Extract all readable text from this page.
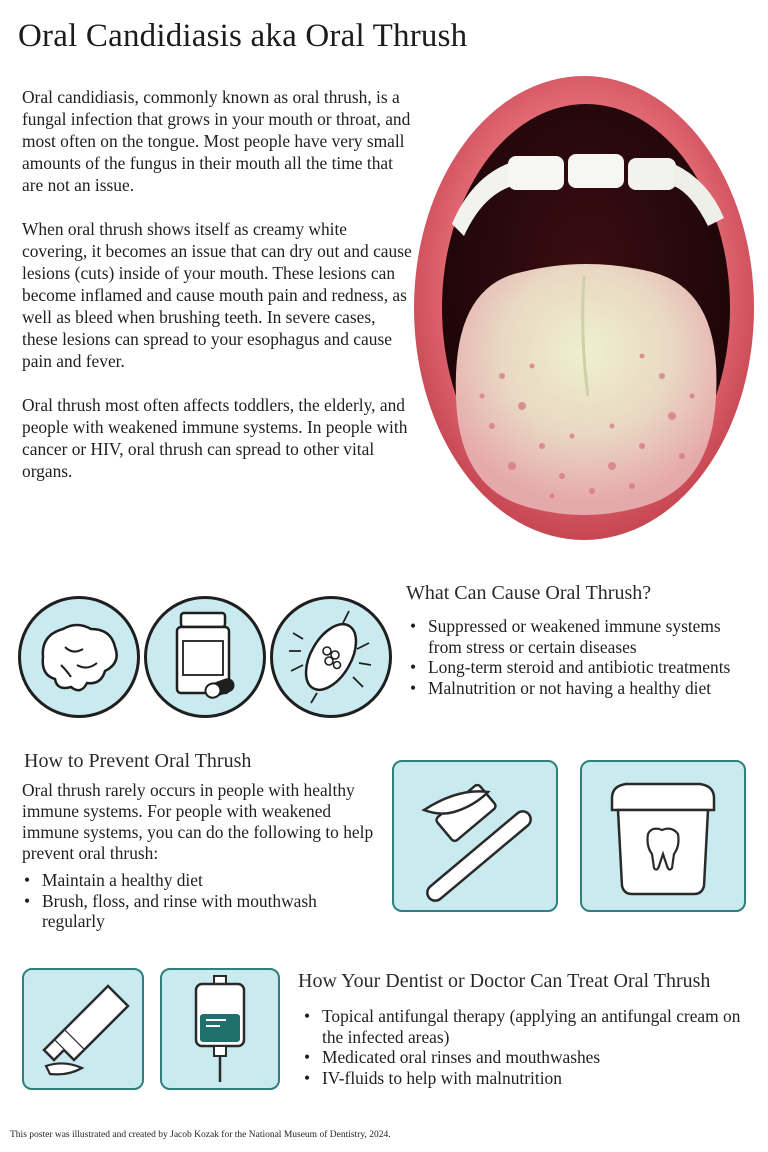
Oral Candidiasis aka Oral Thrush

Oral candidiasis, commonly known as oral thrush, is a fungal infection that grows in your mouth or throat, and most often on the tongue. Most people have very small amounts of the fungus in their mouth all the time that are not an issue.

When oral thrush shows itself as creamy white covering, it becomes an issue that can dry out and cause lesions (cuts) inside of your mouth. These lesions can become inflamed and cause mouth pain and redness, as well as bleed when brushing teeth. In severe cases, these lesions can spread to your esophagus and cause pain and fever.

Oral thrush most often affects toddlers, the elderly, and people with weakened immune systems. In people with cancer or HIV, oral thrush can spread to other vital organs.

What Can Cause Oral Thrush?
• Suppressed or weakened immune systems from stress or certain diseases
• Long-term steroid and antibiotic treatments
• Malnutrition or not having a healthy diet
How to Prevent Oral Thrush
Oral thrush rarely occurs in people with healthy immune systems. For people with weakened immune systems, you can do the following to help prevent oral thrush:
• Maintain a healthy diet
• Brush, floss, and rinse with mouthwash regularly
How Your Dentist or Doctor Can Treat Oral Thrush
• Topical antifungal therapy (applying an antifungal cream on the infected areas)
• Medicated oral rinses and mouthwashes
• IV-fluids to help with malnutrition
This poster was illustrated and created by Jacob Kozak for the National Museum of Dentistry, 2024.
